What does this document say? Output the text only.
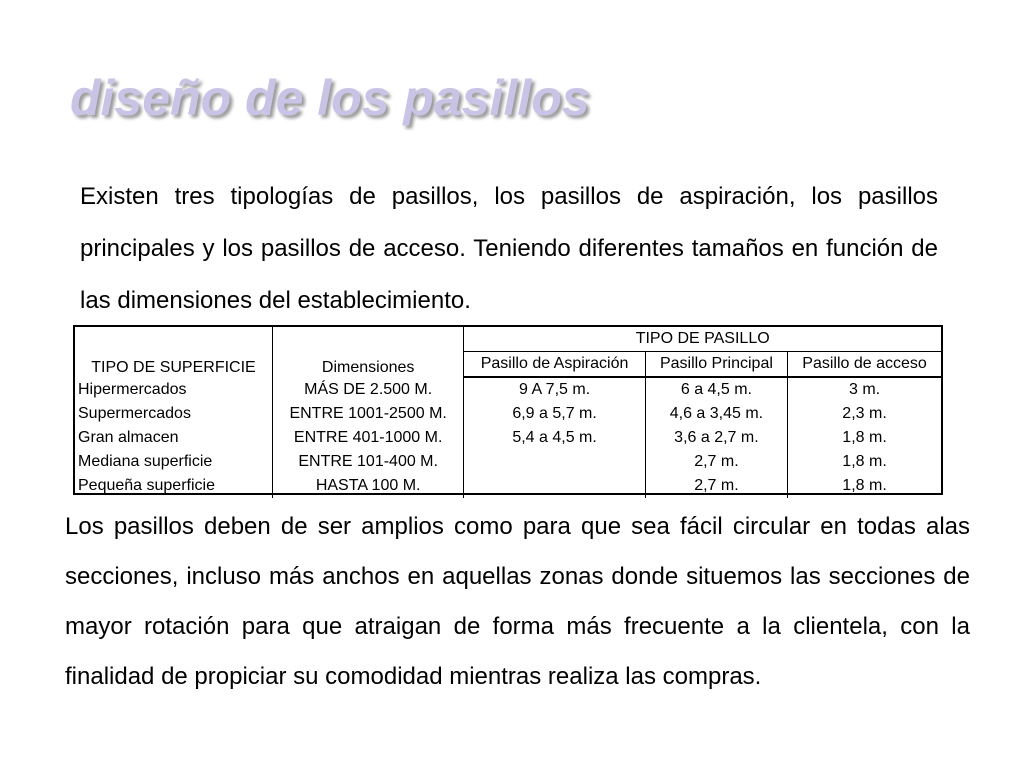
diseño de los pasillos

Existen tres tipologías de pasillos, los pasillos de aspiración, los pasillos principales y los pasillos de acceso. Teniendo diferentes tamaños en función de las dimensiones del establecimiento.

TIPO DE SUPERFICIE	Dimensiones	TIPO DE PASILLO		
		Pasillo de Aspiración	Pasillo Principal	Pasillo de acceso
Hipermercados	MÁS DE 2.500 M.	9 A 7,5 m.	6 a 4,5 m.	3 m.
Supermercados	ENTRE 1001-2500 M.	6,9 a 5,7 m.	4,6 a 3,45 m.	2,3 m.
Gran almacen	ENTRE 401-1000 M.	5,4 a 4,5 m.	3,6 a 2,7 m.	1,8 m.
Mediana superficie	ENTRE 101-400 M.		2,7 m.	1,8 m.
Pequeña superficie	HASTA 100 M.		2,7 m.	1,8 m.

Los pasillos deben de ser amplios como para que sea fácil circular en todas alas secciones, incluso más anchos en aquellas zonas donde situemos las secciones de mayor rotación para que atraigan de forma más frecuente a la clientela, con la finalidad de propiciar su comodidad mientras realiza las compras.
